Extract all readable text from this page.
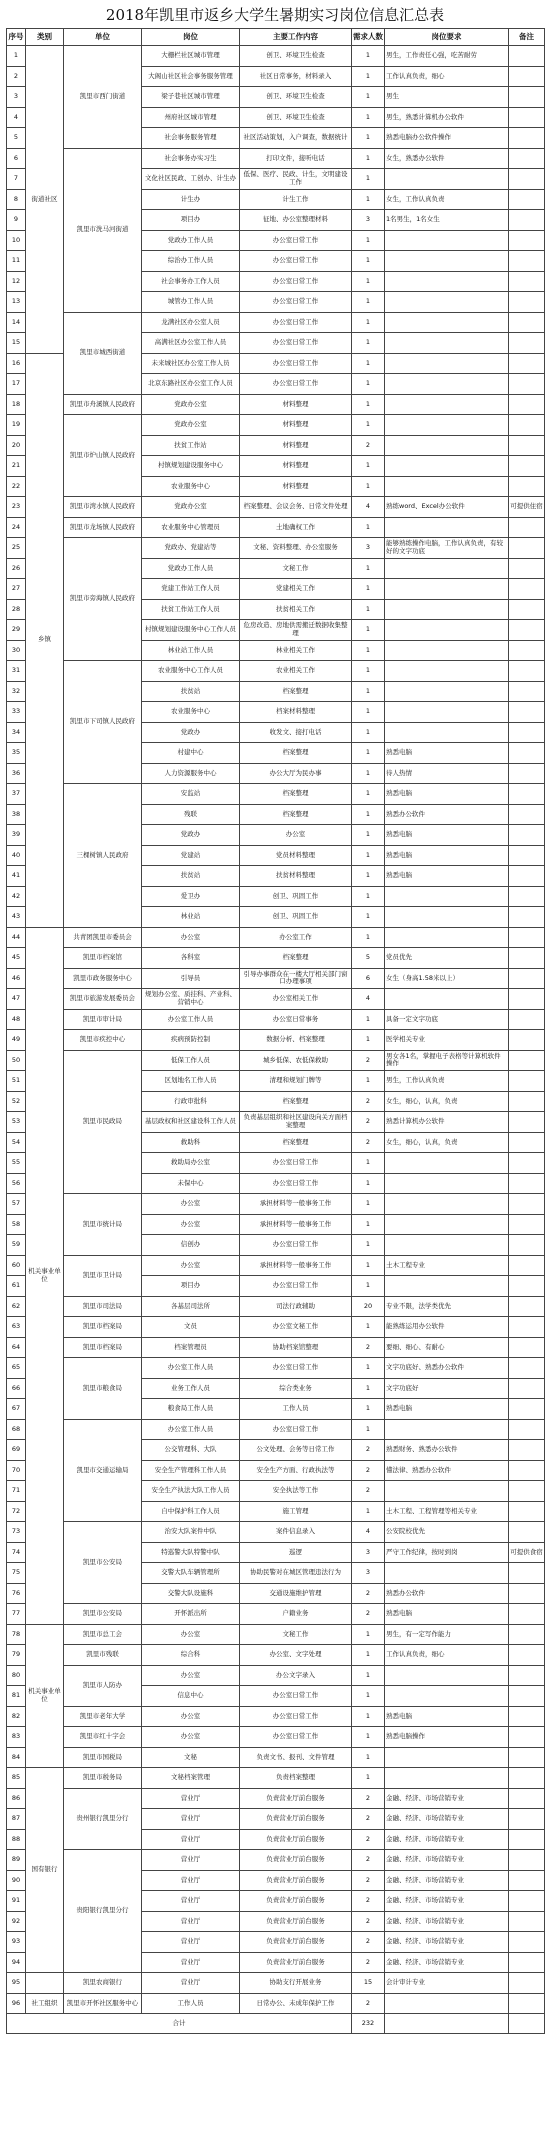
2018年凯里市返乡大学生暑期实习岗位信息汇总表
序号	类别	单位	岗位	主要工作内容	需求人数	岗位要求	备注
1	街道社区	凯里市西门街道	大栅栏社区城市管理	创卫、环境卫生检查	1	男生，工作责任心强，吃苦耐劳	
2			大阁山社区社会事务服务管理	社区日常事务，材料录入	1	工作认真负责，细心	
3			梁子巷社区城市管理	创卫、环境卫生检查	1	男生	
4			州府社区城市管理	创卫、环境卫生检查	1	男生，熟悉计算机办公软件	
5			社会事务服务管理	社区活动策划，入户调查，数据统计	1	熟悉电脑办公软件操作	
6		凯里市洗马河街道	社会事务办实习生	打印文件，接听电话	1	女生，熟悉办公软件	
7			文化社区民政、工创办、计生办	低保、医疗、民政、计生，文明建设工作	1		
8			计生办	计生工作	1	女生，工作认真负责	
9			项目办	征地、办公室整理材料	3	1名男生，1名女生	
10			党政办工作人员	办公室日常工作	1		
11			综治办工作人员	办公室日常工作	1		
12			社会事务办工作人员	办公室日常工作	1		
13			城管办工作人员	办公室日常工作	1		
14		凯里市城西街道	龙满社区办公室人员	办公室日常工作	1		
15			高满社区办公室工作人员	办公室日常工作	1		
16	乡镇		未来城社区办公室工作人员	办公室日常工作	1		
17			北京东路社区办公室工作人员	办公室日常工作	1		
18		凯里市舟溪镇人民政府	党政办公室	材料整理	1		
19		凯里市炉山镇人民政府	党政办公室	材料整理	1		
20			扶贫工作站	材料整理	2		
21			村镇规划建设服务中心	材料整理	1		
22			农业服务中心	材料整理	1		
23		凯里市湾水镇人民政府	党政办公室	档案整理、会议会务、日常文件处理	4	熟练word、Excel办公软件	可提供住宿
24		凯里市龙场镇人民政府	农业服务中心管理员	土地确权工作	1		
25		凯里市旁海镇人民政府	党政办、党建站等	文秘、资料整理、办公室服务	3	能够熟练操作电脑，工作认真负责，有较好的文字功底	
26			党政办工作人员	文秘工作	1		
27			党建工作站工作人员	党建相关工作	1		
28			扶贫工作站工作人员	扶贫相关工作	1		
29			村镇规划建设服务中心工作人员	危房改造、房地供需搬迁数据收集整理	1		
30			林业站工作人员	林业相关工作	1		
31		凯里市下司镇人民政府	农业服务中心工作人员	农业相关工作	1		
32			扶贫站	档案整理	1		
33			农业服务中心	档案材料整理	1		
34			党政办	收发文、接打电话	1		
35			村建中心	档案整理	1	熟悉电脑	
36			人力资源服务中心	办公大厅为民办事	1	待人热情	
37		三棵树镇人民政府	安监站	档案整理	1	熟悉电脑	
38			残联	档案整理	1	熟悉办公软件	
39			党政办	办公室	1	熟悉电脑	
40			党建站	党员材料整理	1	熟悉电脑	
41			扶贫站	扶贫材料整理	1	熟悉电脑	
42			爱卫办	创卫、巩固工作	1		
43			林业站	创卫、巩固工作	1		
44	机关事业单位	共青团凯里市委员会	办公室	办公室工作	1		
45		凯里市档案馆	各科室	档案整理	5	党员优先	
46		凯里市政务服务中心	引导员	引导办事群众在一楼大厅相关部门窗口办理事项	6	女生（身高1.58米以上）	
47		凯里市旅游发展委员会	规划办公室、质挂科、产业科、营销中心	办公室相关工作	4		
48		凯里市审计局	办公室工作人员	办公室日常事务	1	具备一定文字功底	
49		凯里市疾控中心	疾病预防控制	数据分析、档案整理	1	医学相关专业	
50		凯里市民政局	低保工作人员	城乡低保、农低保救助	2	男女各1名，掌握电子表格等计算机软件操作	
51			区划地名工作人员	清理和规划门牌等	1	男生，工作认真负责	
52			行政审批科	档案整理	2	女生，细心，认真，负责	
53			基层政权和社区建设科工作人员	负责基层组织和社区建设向关方面档案整理	2	熟悉计算机办公软件	
54			救助科	档案整理	2	女生，细心，认真，负责	
55			救助局办公室	办公室日常工作	1		
56			未保中心	办公室日常工作	1		
57		凯里市统计局	办公室	承担材料等一般事务工作	1		
58			办公室	承担材料等一般事务工作	1		
59			信创办	办公室日常工作	1		
60		凯里市卫计局	办公室	承担材料等一般事务工作	1	土木工程专业	
61			项目办	办公室日常工作	1		
62		凯里市司法局	各基层司法所	司法行政辅助	20	专业不限，法学类优先	
63		凯里市档案局	文员	办公室文秘工作	1	能熟练运用办公软件	
64		凯里市档案局	档案管理员	协助档案馆整理	2	要细、细心、有耐心	
65		凯里市粮食局	办公室工作人员	办公室日常工作	1	文字功底好、熟悉办公软件	
66			业务工作人员	综合类业务	1	文字功底好	
67			粮食局工作人员	工作人员	1	熟悉电脑	
68		凯里市交通运输局	办公室工作人员	办公室日常工作	1		
69			公交管理科、大队	公文处理、会务等日常工作	2	熟悉财务、熟悉办公软件	
70			安全生产管理科工作人员	安全生产方面、行政执法等	2	懂法律、熟悉办公软件	
71			安全生产执法大队工作人员	安全执法等工作	2		
72			自中保护科工作人员	施工管理	1	土木工程、工程管理等相关专业	
73		凯里市公安局	治安大队案件中队	案件信息录入	4	公安院校优先	
74			特巡警大队特警中队	巡逻	3	严守工作纪律，按时到岗	可提供食宿
75			交警大队车辆管理所	协助民警对在城区管理违法行为	3		
76			交警大队设施科	交通设施维护管理	2	熟悉办公软件	
77		凯里市公安局	开怀派出所	户籍业务	2	熟悉电脑	
78	机关事业单位	凯里市总工会	办公室	文秘工作	1	男生，有一定写作能力	
79		凯里市残联	综合科	办公室、文字处理	1	工作认真负责，细心	
80		凯里市人防办	办公室	办公文字录入	1		
81			信息中心	办公室日常工作	1		
82		凯里市老年大学	办公室	办公室日常工作	1	熟悉电脑	
83		凯里市红十字会	办公室	办公室日常工作	1	熟悉电脑操作	
84		凯里市国税局	文秘	负责文书、报刊、文件管理	1		
85	国有银行	凯里市税务局	文秘档案管理	负责档案整理	1		
86		贵州银行凯里分行	营业厅	负责营业厅前台服务	2	金融、经济、市场营销专业	
87			营业厅	负责营业厅前台服务	2	金融、经济、市场营销专业	
88			营业厅	负责营业厅前台服务	2	金融、经济、市场营销专业	
89		贵阳银行凯里分行	营业厅	负责营业厅前台服务	2	金融、经济、市场营销专业	
90			营业厅	负责营业厅前台服务	2	金融、经济、市场营销专业	
91			营业厅	负责营业厅前台服务	2	金融、经济、市场营销专业	
92			营业厅	负责营业厅前台服务	2	金融、经济、市场营销专业	
93			营业厅	负责营业厅前台服务	2	金融、经济、市场营销专业	
94			营业厅	负责营业厅前台服务	2	金融、经济、市场营销专业	
95		凯里农商银行	营业厅	协助支行开展业务	15	会计审计专业	
96	社工组织	凯里市开怀社区服务中心	工作人员	日常办公、未成年保护工作	2		
合计					232		
